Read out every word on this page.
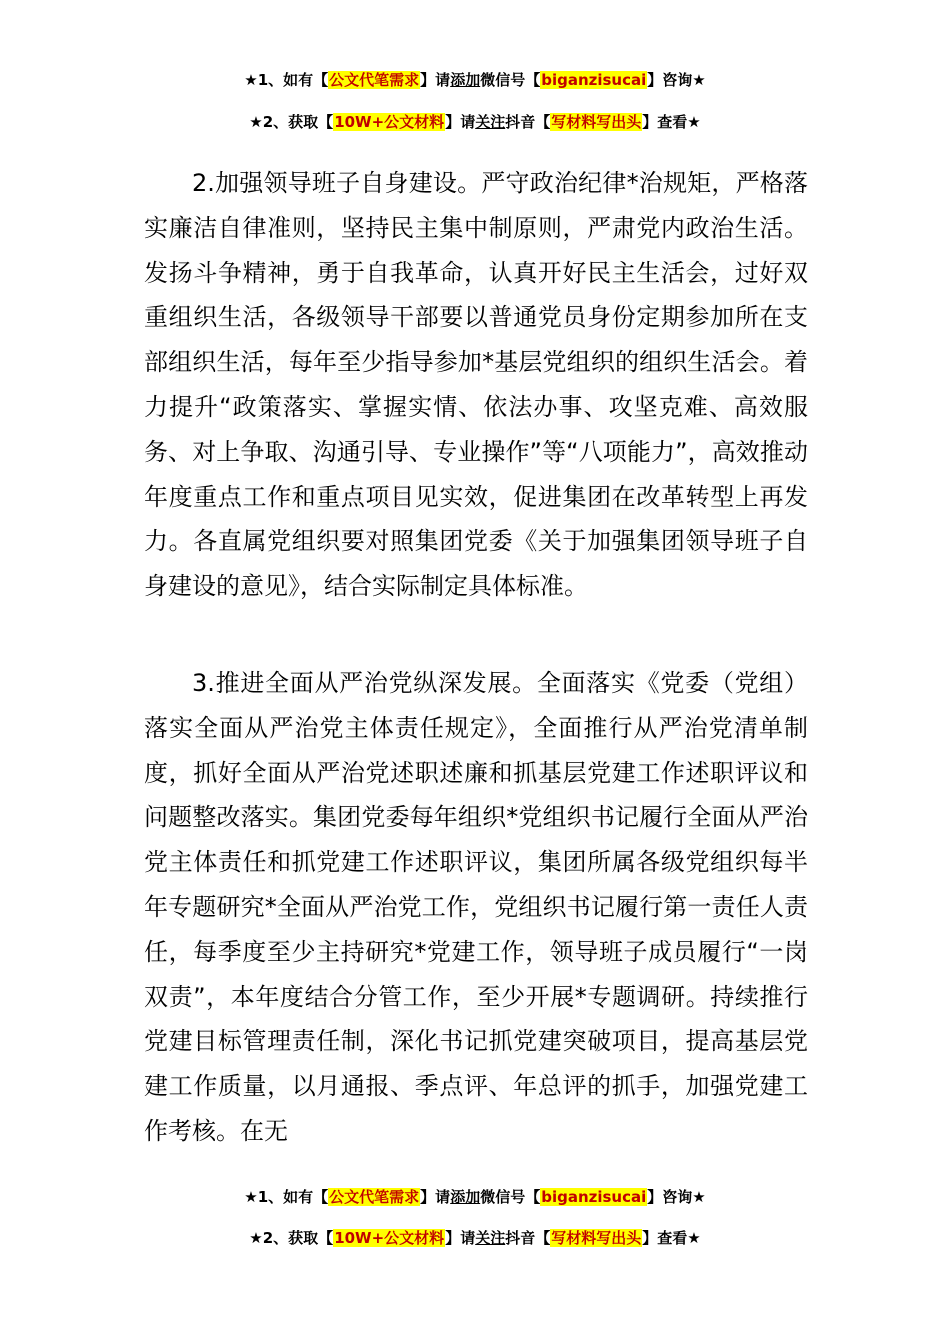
★1、如有【公文代笔需求】请添加微信号【biganzisucai】咨询★
★2、获取【10W+公文材料】请关注抖音【写材料写出头】查看★

2.加强领导班子自身建设。严守政治纪律*治规矩，严格落实廉洁自律准则，坚持民主集中制原则，严肃党内政治生活。发扬斗争精神，勇于自我革命，认真开好民主生活会，过好双重组织生活，各级领导干部要以普通党员身份定期参加所在支部组织生活，每年至少指导参加*基层党组织的组织生活会。着力提升“政策落实、掌握实情、依法办事、攻坚克难、高效服务、对上争取、沟通引导、专业操作”等“八项能力”，高效推动年度重点工作和重点项目见实效，促进集团在改革转型上再发力。各直属党组织要对照集团党委《关于加强集团领导班子自身建设的意见》，结合实际制定具体标准。

3.推进全面从严治党纵深发展。全面落实《党委（党组）落实全面从严治党主体责任规定》，全面推行从严治党清单制度，抓好全面从严治党述职述廉和抓基层党建工作述职评议和问题整改落实。集团党委每年组织*党组织书记履行全面从严治党主体责任和抓党建工作述职评议，集团所属各级党组织每半年专题研究*全面从严治党工作，党组织书记履行第一责任人责任，每季度至少主持研究*党建工作，领导班子成员履行“一岗双责”，本年度结合分管工作，至少开展*专题调研。持续推行党建目标管理责任制，深化书记抓党建突破项目，提高基层党建工作质量，以月通报、季点评、年总评的抓手，加强党建工作考核。在无

★1、如有【公文代笔需求】请添加微信号【biganzisucai】咨询★
★2、获取【10W+公文材料】请关注抖音【写材料写出头】查看★
